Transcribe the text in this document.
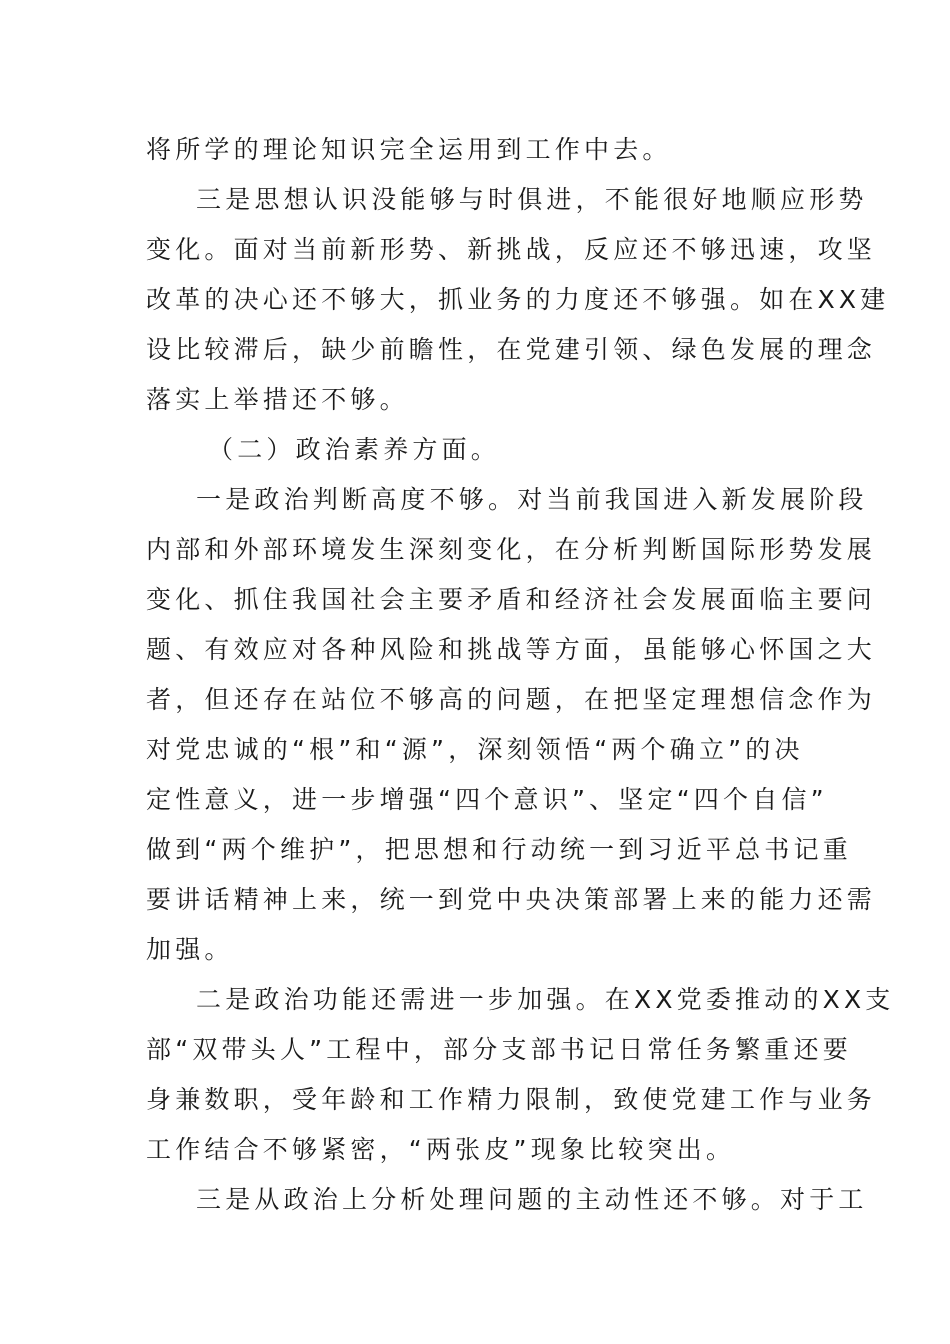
将所学的理论知识完全运用到工作中去。
三是思想认识没能够与时俱进，不能很好地顺应形势
变化。面对当前新形势、新挑战，反应还不够迅速，攻坚
改革的决心还不够大，抓业务的力度还不够强。如在XX建
设比较滞后，缺少前瞻性，在党建引领、绿色发展的理念
落实上举措还不够。
（二）政治素养方面。
一是政治判断高度不够。对当前我国进入新发展阶段
内部和外部环境发生深刻变化，在分析判断国际形势发展
变化、抓住我国社会主要矛盾和经济社会发展面临主要问
题、有效应对各种风险和挑战等方面，虽能够心怀国之大
者，但还存在站位不够高的问题，在把坚定理想信念作为
对党忠诚的“根”和“源”，深刻领悟“两个确立”的决
定性意义，进一步增强“四个意识”、坚定“四个自信”
做到“两个维护”，把思想和行动统一到习近平总书记重
要讲话精神上来，统一到党中央决策部署上来的能力还需
加强。
二是政治功能还需进一步加强。在XX党委推动的XX支
部“双带头人”工程中，部分支部书记日常任务繁重还要
身兼数职，受年龄和工作精力限制，致使党建工作与业务
工作结合不够紧密，“两张皮”现象比较突出。
三是从政治上分析处理问题的主动性还不够。对于工
